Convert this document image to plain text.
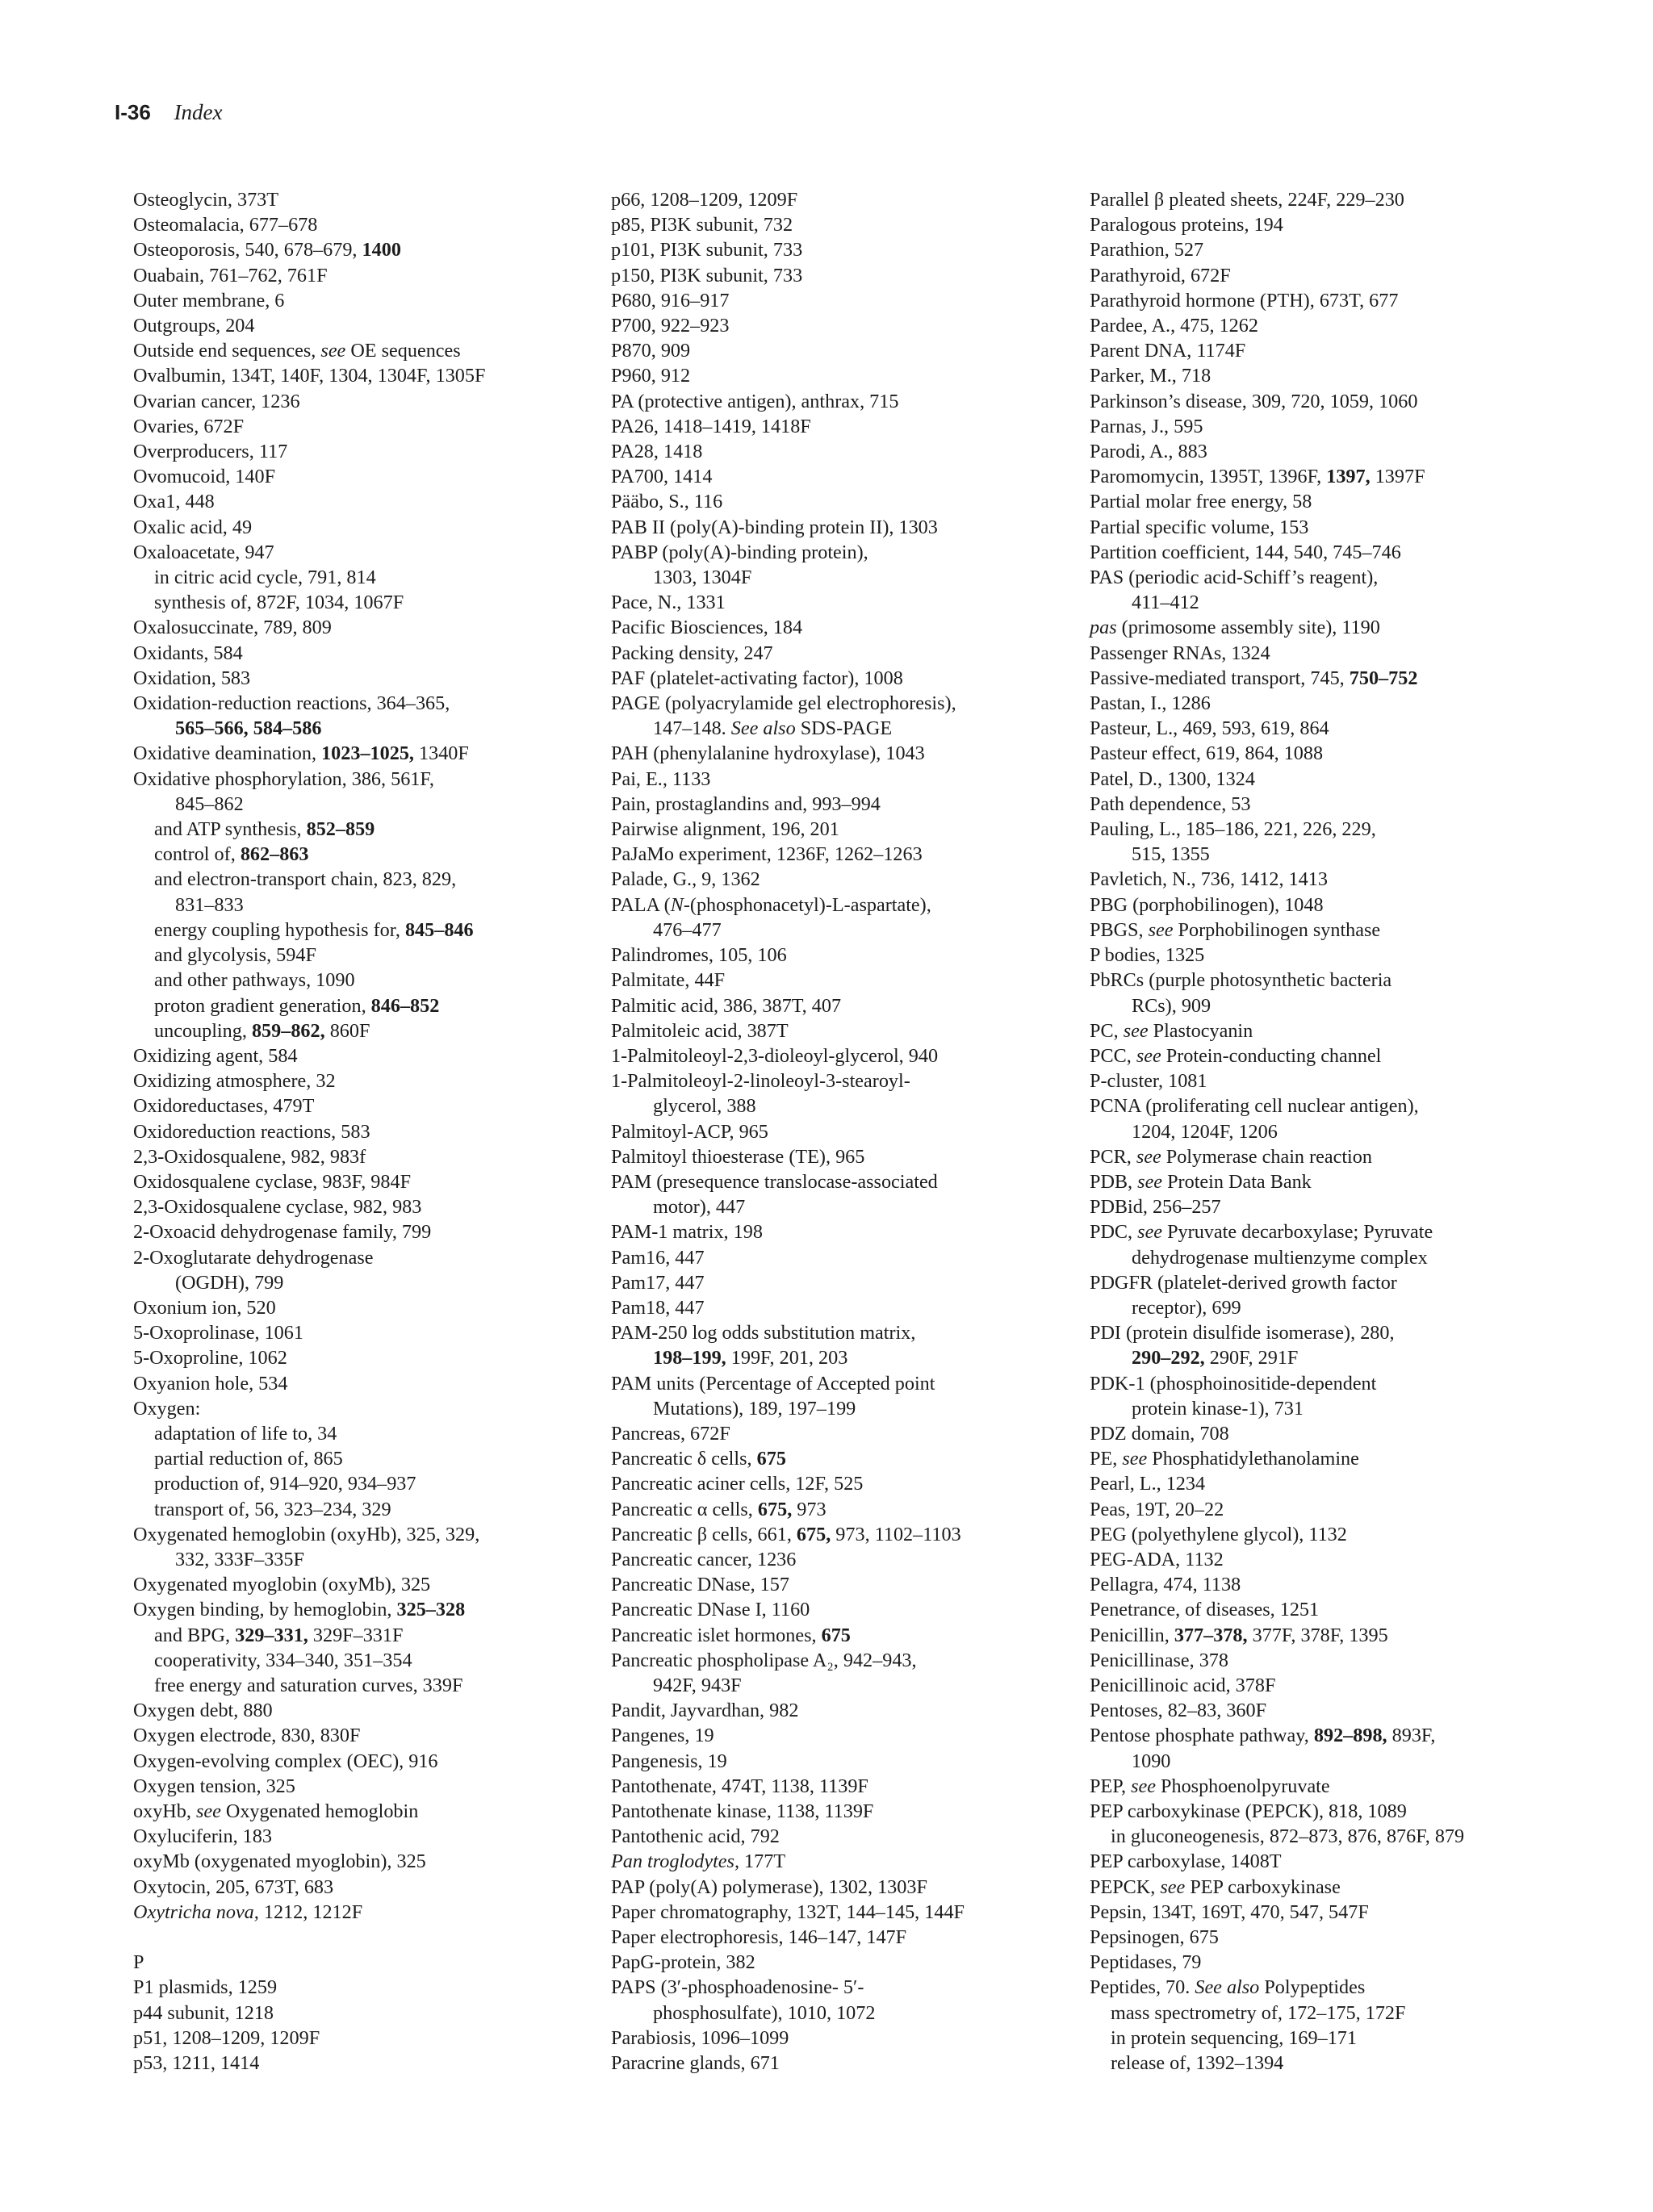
I-36 Index
Osteoglycin, 373T
Osteomalacia, 677–678
Osteoporosis, 540, 678–679, 1400
Ouabain, 761–762, 761F
Outer membrane, 6
Outgroups, 204
Outside end sequences, see OE sequences
Ovalbumin, 134T, 140F, 1304, 1304F, 1305F
Ovarian cancer, 1236
Ovaries, 672F
Overproducers, 117
Ovomucoid, 140F
Oxa1, 448
Oxalic acid, 49
Oxaloacetate, 947
in citric acid cycle, 791, 814
synthesis of, 872F, 1034, 1067F
Oxalosuccinate, 789, 809
Oxidants, 584
Oxidation, 583
Oxidation-reduction reactions, 364–365,
565–566, 584–586
Oxidative deamination, 1023–1025, 1340F
Oxidative phosphorylation, 386, 561F,
845–862
and ATP synthesis, 852–859
control of, 862–863
and electron-transport chain, 823, 829,
831–833
energy coupling hypothesis for, 845–846
and glycolysis, 594F
and other pathways, 1090
proton gradient generation, 846–852
uncoupling, 859–862, 860F
Oxidizing agent, 584
Oxidizing atmosphere, 32
Oxidoreductases, 479T
Oxidoreduction reactions, 583
2,3-Oxidosqualene, 982, 983f
Oxidosqualene cyclase, 983F, 984F
2,3-Oxidosqualene cyclase, 982, 983
2-Oxoacid dehydrogenase family, 799
2-Oxoglutarate dehydrogenase
(OGDH), 799
Oxonium ion, 520
5-Oxoprolinase, 1061
5-Oxoproline, 1062
Oxyanion hole, 534
Oxygen:
adaptation of life to, 34
partial reduction of, 865
production of, 914–920, 934–937
transport of, 56, 323–234, 329
Oxygenated hemoglobin (oxyHb), 325, 329,
332, 333F–335F
Oxygenated myoglobin (oxyMb), 325
Oxygen binding, by hemoglobin, 325–328
and BPG, 329–331, 329F–331F
cooperativity, 334–340, 351–354
free energy and saturation curves, 339F
Oxygen debt, 880
Oxygen electrode, 830, 830F
Oxygen-evolving complex (OEC), 916
Oxygen tension, 325
oxyHb, see Oxygenated hemoglobin
Oxyluciferin, 183
oxyMb (oxygenated myoglobin), 325
Oxytocin, 205, 673T, 683
Oxytricha nova, 1212, 1212F
P
P1 plasmids, 1259
p44 subunit, 1218
p51, 1208–1209, 1209F
p53, 1211, 1414
p66, 1208–1209, 1209F
p85, PI3K subunit, 732
p101, PI3K subunit, 733
p150, PI3K subunit, 733
P680, 916–917
P700, 922–923
P870, 909
P960, 912
PA (protective antigen), anthrax, 715
PA26, 1418–1419, 1418F
PA28, 1418
PA700, 1414
Pääbo, S., 116
PAB II (poly(A)-binding protein II), 1303
PABP (poly(A)-binding protein),
1303, 1304F
Pace, N., 1331
Pacific Biosciences, 184
Packing density, 247
PAF (platelet-activating factor), 1008
PAGE (polyacrylamide gel electrophoresis),
147–148. See also SDS-PAGE
PAH (phenylalanine hydroxylase), 1043
Pai, E., 1133
Pain, prostaglandins and, 993–994
Pairwise alignment, 196, 201
PaJaMo experiment, 1236F, 1262–1263
Palade, G., 9, 1362
PALA (N-(phosphonacetyl)-L-aspartate),
476–477
Palindromes, 105, 106
Palmitate, 44F
Palmitic acid, 386, 387T, 407
Palmitoleic acid, 387T
1-Palmitoleoyl-2,3-dioleoyl-glycerol, 940
1-Palmitoleoyl-2-linoleoyl-3-stearoyl-
glycerol, 388
Palmitoyl-ACP, 965
Palmitoyl thioesterase (TE), 965
PAM (presequence translocase-associated
motor), 447
PAM-1 matrix, 198
Pam16, 447
Pam17, 447
Pam18, 447
PAM-250 log odds substitution matrix,
198–199, 199F, 201, 203
PAM units (Percentage of Accepted point
Mutations), 189, 197–199
Pancreas, 672F
Pancreatic δ cells, 675
Pancreatic aciner cells, 12F, 525
Pancreatic α cells, 675, 973
Pancreatic β cells, 661, 675, 973, 1102–1103
Pancreatic cancer, 1236
Pancreatic DNase, 157
Pancreatic DNase I, 1160
Pancreatic islet hormones, 675
Pancreatic phospholipase A₂, 942–943,
942F, 943F
Pandit, Jayvardhan, 982
Pangenes, 19
Pangenesis, 19
Pantothenate, 474T, 1138, 1139F
Pantothenate kinase, 1138, 1139F
Pantothenic acid, 792
Pan troglodytes, 177T
PAP (poly(A) polymerase), 1302, 1303F
Paper chromatography, 132T, 144–145, 144F
Paper electrophoresis, 146–147, 147F
PapG-protein, 382
PAPS (3′-phosphoadenosine- 5′-
phosphosulfate), 1010, 1072
Parabiosis, 1096–1099
Paracrine glands, 671
Parallel β pleated sheets, 224F, 229–230
Paralogous proteins, 194
Parathion, 527
Parathyroid, 672F
Parathyroid hormone (PTH), 673T, 677
Pardee, A., 475, 1262
Parent DNA, 1174F
Parker, M., 718
Parkinson’s disease, 309, 720, 1059, 1060
Parnas, J., 595
Parodi, A., 883
Paromomycin, 1395T, 1396F, 1397, 1397F
Partial molar free energy, 58
Partial specific volume, 153
Partition coefficient, 144, 540, 745–746
PAS (periodic acid-Schiff’s reagent),
411–412
pas (primosome assembly site), 1190
Passenger RNAs, 1324
Passive-mediated transport, 745, 750–752
Pastan, I., 1286
Pasteur, L., 469, 593, 619, 864
Pasteur effect, 619, 864, 1088
Patel, D., 1300, 1324
Path dependence, 53
Pauling, L., 185–186, 221, 226, 229,
515, 1355
Pavletich, N., 736, 1412, 1413
PBG (porphobilinogen), 1048
PBGS, see Porphobilinogen synthase
P bodies, 1325
PbRCs (purple photosynthetic bacteria
RCs), 909
PC, see Plastocyanin
PCC, see Protein-conducting channel
P-cluster, 1081
PCNA (proliferating cell nuclear antigen),
1204, 1204F, 1206
PCR, see Polymerase chain reaction
PDB, see Protein Data Bank
PDBid, 256–257
PDC, see Pyruvate decarboxylase; Pyruvate
dehydrogenase multienzyme complex
PDGFR (platelet-derived growth factor
receptor), 699
PDI (protein disulfide isomerase), 280,
290–292, 290F, 291F
PDK-1 (phosphoinositide-dependent
protein kinase-1), 731
PDZ domain, 708
PE, see Phosphatidylethanolamine
Pearl, L., 1234
Peas, 19T, 20–22
PEG (polyethylene glycol), 1132
PEG-ADA, 1132
Pellagra, 474, 1138
Penetrance, of diseases, 1251
Penicillin, 377–378, 377F, 378F, 1395
Penicillinase, 378
Penicillinoic acid, 378F
Pentoses, 82–83, 360F
Pentose phosphate pathway, 892–898, 893F,
1090
PEP, see Phosphoenolpyruvate
PEP carboxykinase (PEPCK), 818, 1089
in gluconeogenesis, 872–873, 876, 876F, 879
PEP carboxylase, 1408T
PEPCK, see PEP carboxykinase
Pepsin, 134T, 169T, 470, 547, 547F
Pepsinogen, 675
Peptidases, 79
Peptides, 70. See also Polypeptides
mass spectrometry of, 172–175, 172F
in protein sequencing, 169–171
release of, 1392–1394
